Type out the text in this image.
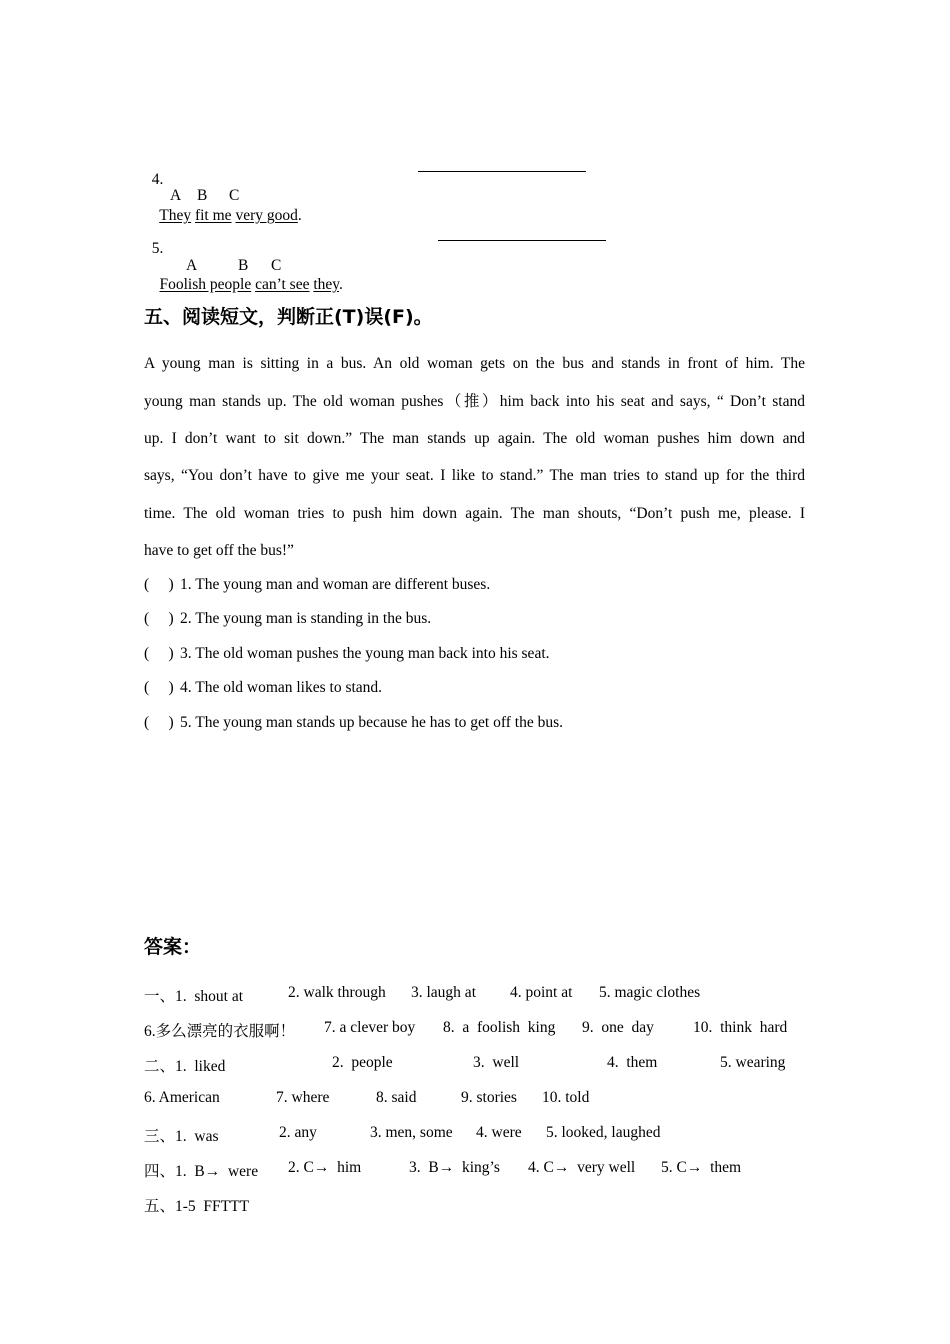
4.

They fit me very good.

A B C

5.

Foolish people can’t see they.

A	B C
五、阅读短文，判断正(T)误(F)。
A young man is sitting in a bus. An old woman gets on the bus and stands in front of him. The
young man stands up. The old woman pushes（推）him back into his seat and says, “ Don’t stand
up. I don’t want to sit down.” The man stands up again. The old woman pushes him down and
says, “You don’t have to give me your seat. I like to stand.” The man tries to stand up for the third
time. The old woman tries to push him down again. The man shouts, “Don’t push me, please. I
have to get off the bus!”
(     ) 1. The young man and woman are different buses.
(     ) 2. The young man is standing in the bus.
(     ) 3. The old woman pushes the young man back into his seat.
(     ) 4. The old woman likes to stand.
(     ) 5. The young man stands up because he has to get off the bus.
答案：
一、1.  shout at	2. walk through 3. laugh at 4. point at 5. magic clothes
6.多么漂亮的衣服啊！ 7. a clever boy 8.  a  foolish  king 9.  one  day	10.  think  hard
二、1.  liked	2.  people	3.  well	4.  them	5. wearing
6. American	7. where	8. said	9. stories 10. told
三、1.  was	2. any	3. men, some 4. were 5. looked, laughed
四、1.  B→  were 2. C→  him	3.  B→  king’s 4. C→  very well 5. C→  them
五、1-5  FFTTT
